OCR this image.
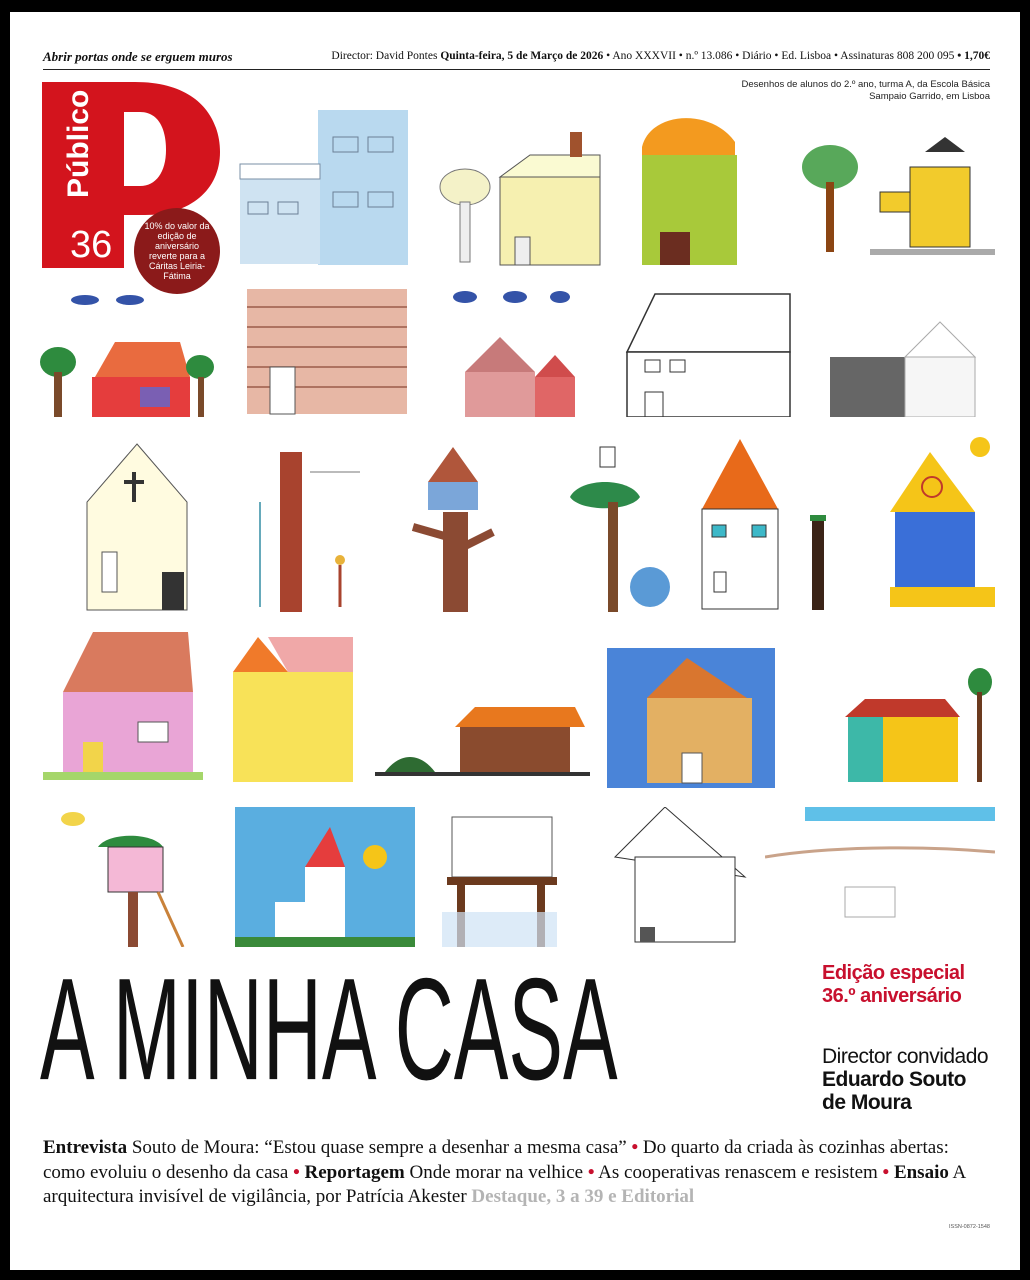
Abrir portas onde se erguem muros	Director: David Pontes Quinta-feira, 5 de Março de 2026 • Ano XXXVII • n.º 13.086 • Diário • Ed. Lisboa • Assinaturas 808 200 095 • 1,70€
Desenhos de alunos do 2.º ano, turma A, da Escola Básica Sampaio Garrido, em Lisboa
Público
36	10% do valor da edição de aniversário reverte para a Cáritas Leiria-Fátima
A MINHA CASA	Edição especial
36.º aniversário
Director convidado
Eduardo Souto
de Moura
Entrevista Souto de Moura: “Estou quase sempre a desenhar a mesma casa” • Do quarto da criada às cozinhas abertas: como evoluiu o desenho da casa • Reportagem Onde morar na velhice • As cooperativas renascem e resistem • Ensaio A arquitectura invisível de vigilância, por Patrícia Akester Destaque, 3 a 39 e Editorial
ISSN-0872-1548
